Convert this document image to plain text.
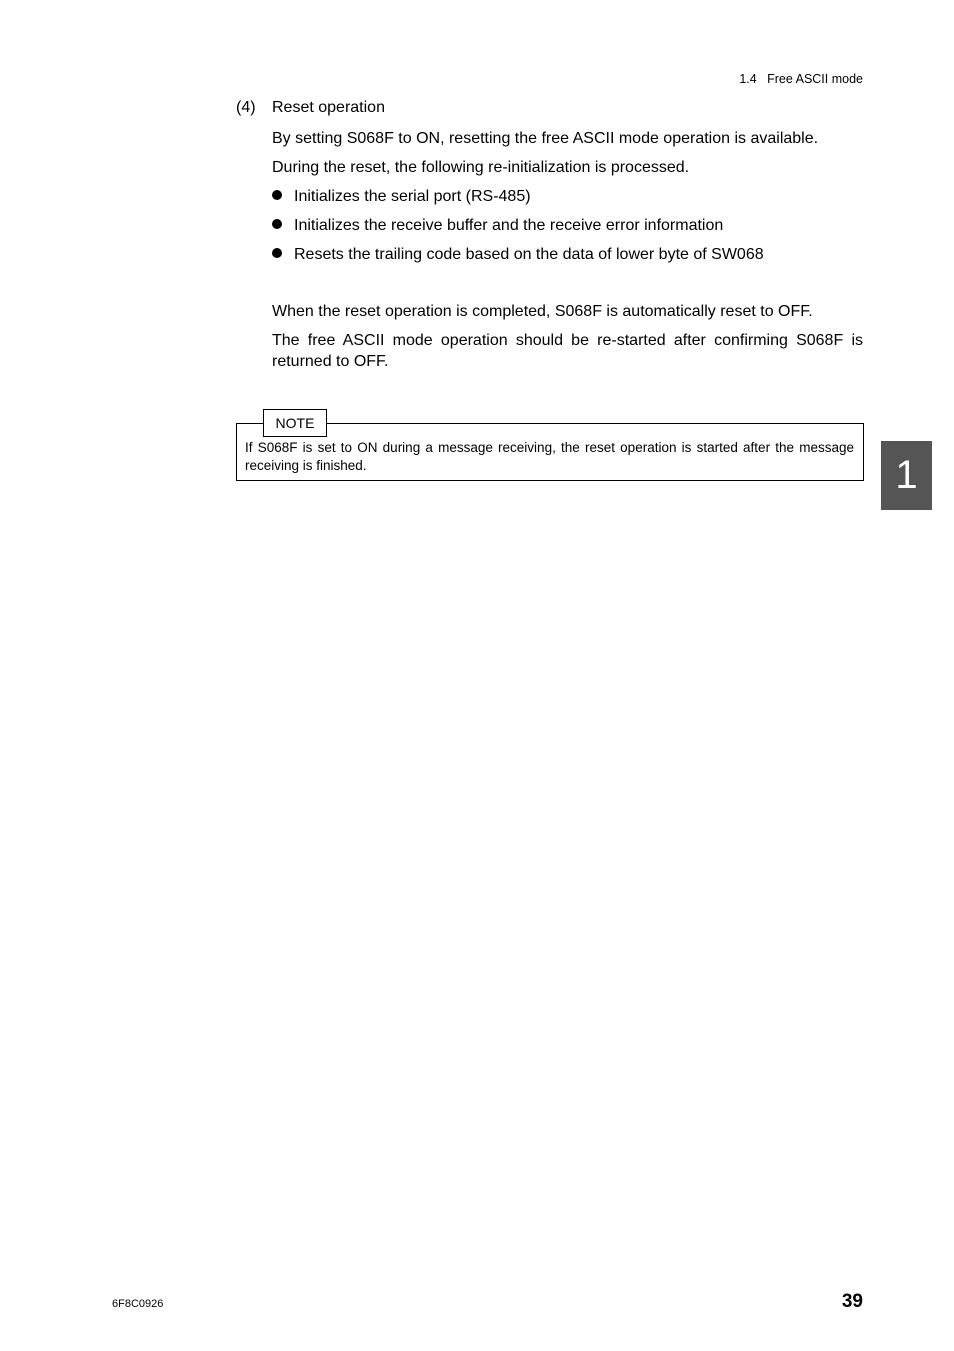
1.4   Free ASCII mode
(4) Reset operation
By setting S068F to ON, resetting the free ASCII mode operation is available.
During the reset, the following re-initialization is processed.
Initializes the serial port (RS-485)
Initializes the receive buffer and the receive error information
Resets the trailing code based on the data of lower byte of SW068
When the reset operation is completed, S068F is automatically reset to OFF.
The free ASCII mode operation should be re-started after confirming S068F is returned to OFF.
NOTE
If S068F is set to ON during a message receiving, the reset operation is started after the message receiving is finished.	1
6F8C0926	39
